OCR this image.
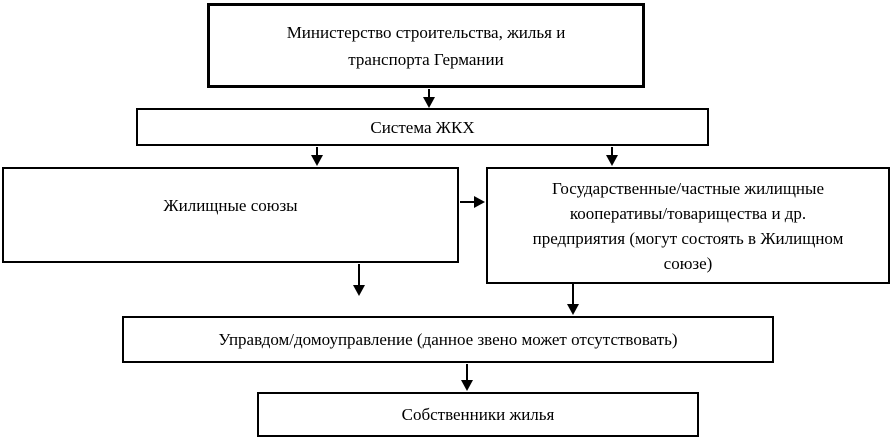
Министерство строительства, жилья и
транспорта Германии
Система ЖКХ
Жилищные союзы
Государственные/частные жилищные
кооперативы/товарищества и др.
предприятия (могут состоять в Жилищном
союзе)
Управдом/домоуправление (данное звено может отсутствовать)
Собственники жилья
